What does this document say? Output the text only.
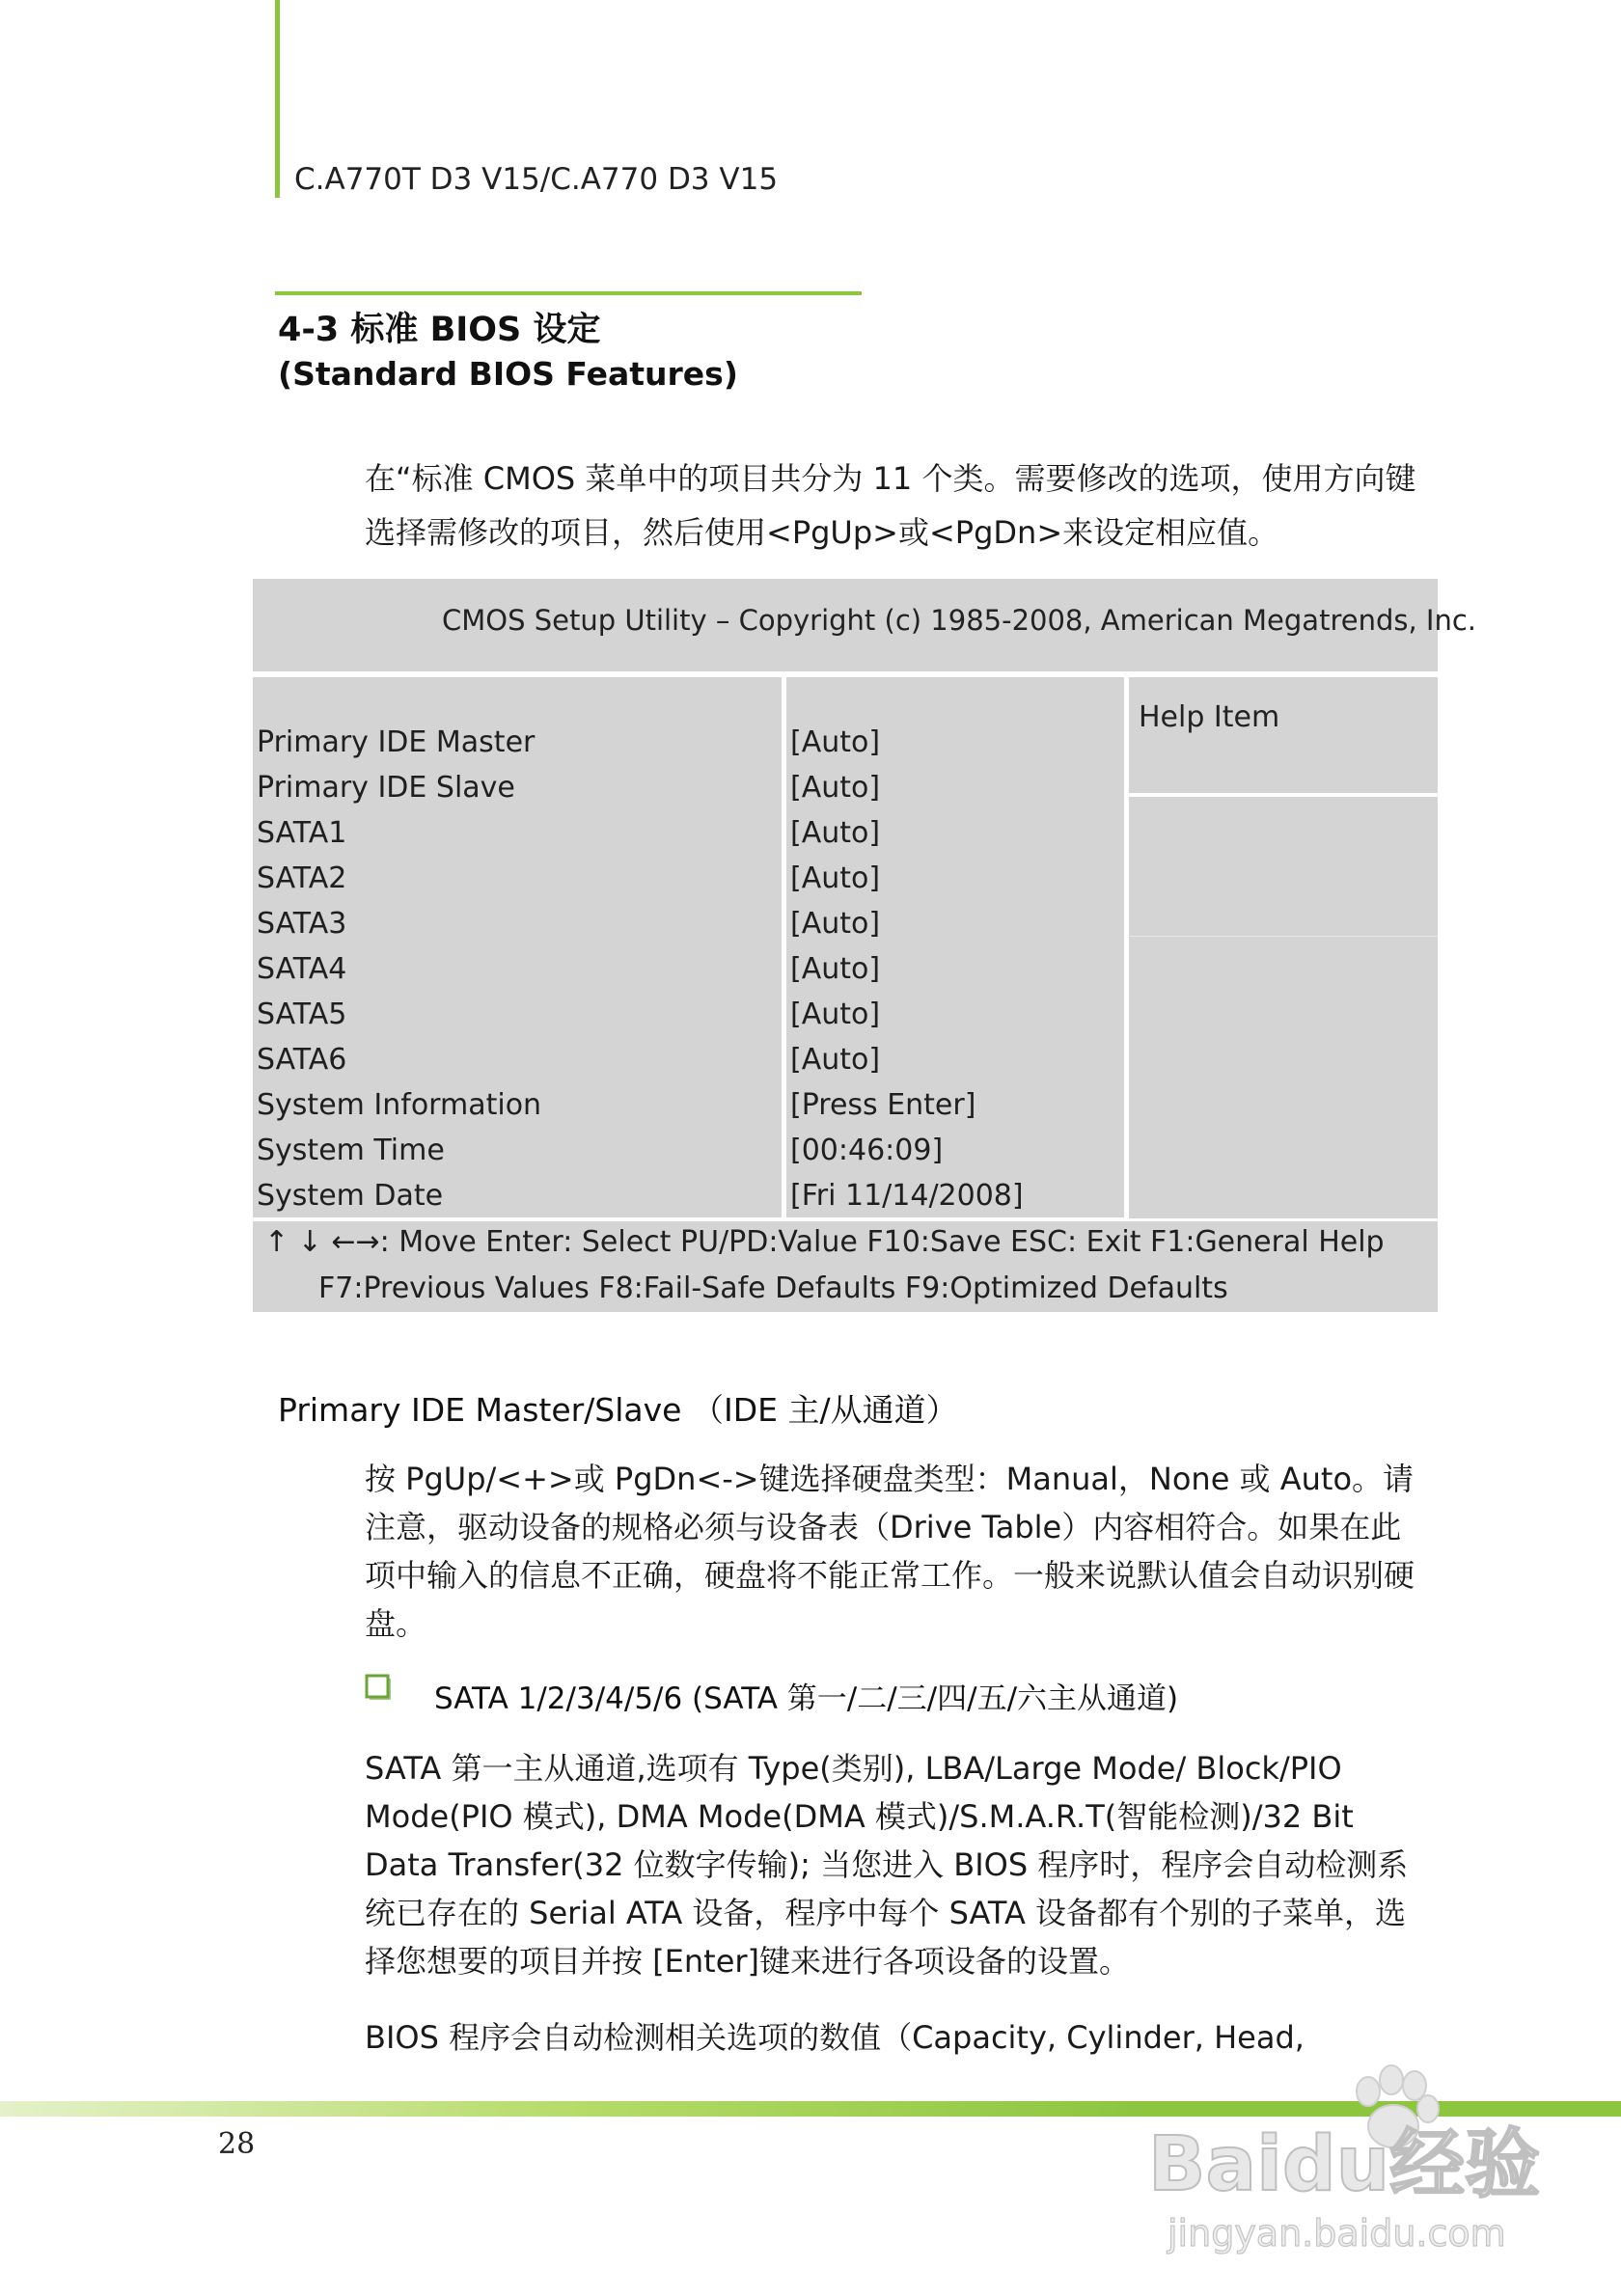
C.A770T D3 V15/C.A770 D3 V15
4-3 标准 BIOS 设定
(Standard BIOS Features)
在“标准 CMOS 菜单中的项目共分为 11 个类。需要修改的选项，使用方向键选择需修改的项目，然后使用<PgUp>或<PgDn>来设定相应值。
CMOS Setup Utility – Copyright (c) 1985-2008, American Megatrends, Inc.
Primary IDE Master
Primary IDE Slave
SATA1
SATA2
SATA3
SATA4
SATA5
SATA6
System Information
System Time
System Date
[Auto]
[Auto]
[Auto]
[Auto]
[Auto]
[Auto]
[Auto]
[Auto]
[Press Enter]
[00:46:09]
[Fri 11/14/2008]
Help Item
↑ ↓ ←→: Move Enter: Select PU/PD:Value F10:Save ESC: Exit F1:General Help
F7:Previous Values F8:Fail-Safe Defaults F9:Optimized Defaults
Primary IDE Master/Slave （IDE 主/从通道）
按 PgUp/<+>或 PgDn<->键选择硬盘类型：Manual，None 或 Auto。请注意，驱动设备的规格必须与设备表（Drive Table）内容相符合。如果在此项中输入的信息不正确，硬盘将不能正常工作。一般来说默认值会自动识别硬盘。
SATA 1/2/3/4/5/6 (SATA 第一/二/三/四/五/六主从通道)
SATA 第一主从通道,选项有 Type(类别), LBA/Large Mode/ Block/PIO Mode(PIO 模式), DMA Mode(DMA 模式)/S.M.A.R.T(智能检测)/32 Bit Data Transfer(32 位数字传输); 当您进入 BIOS 程序时，程序会自动检测系统已存在的 Serial ATA 设备，程序中每个 SATA 设备都有个别的子菜单，选择您想要的项目并按 [Enter]键来进行各项设备的设置。
BIOS 程序会自动检测相关选项的数值（Capacity, Cylinder, Head,
28	Baidu经验
jingyan.baidu.com
